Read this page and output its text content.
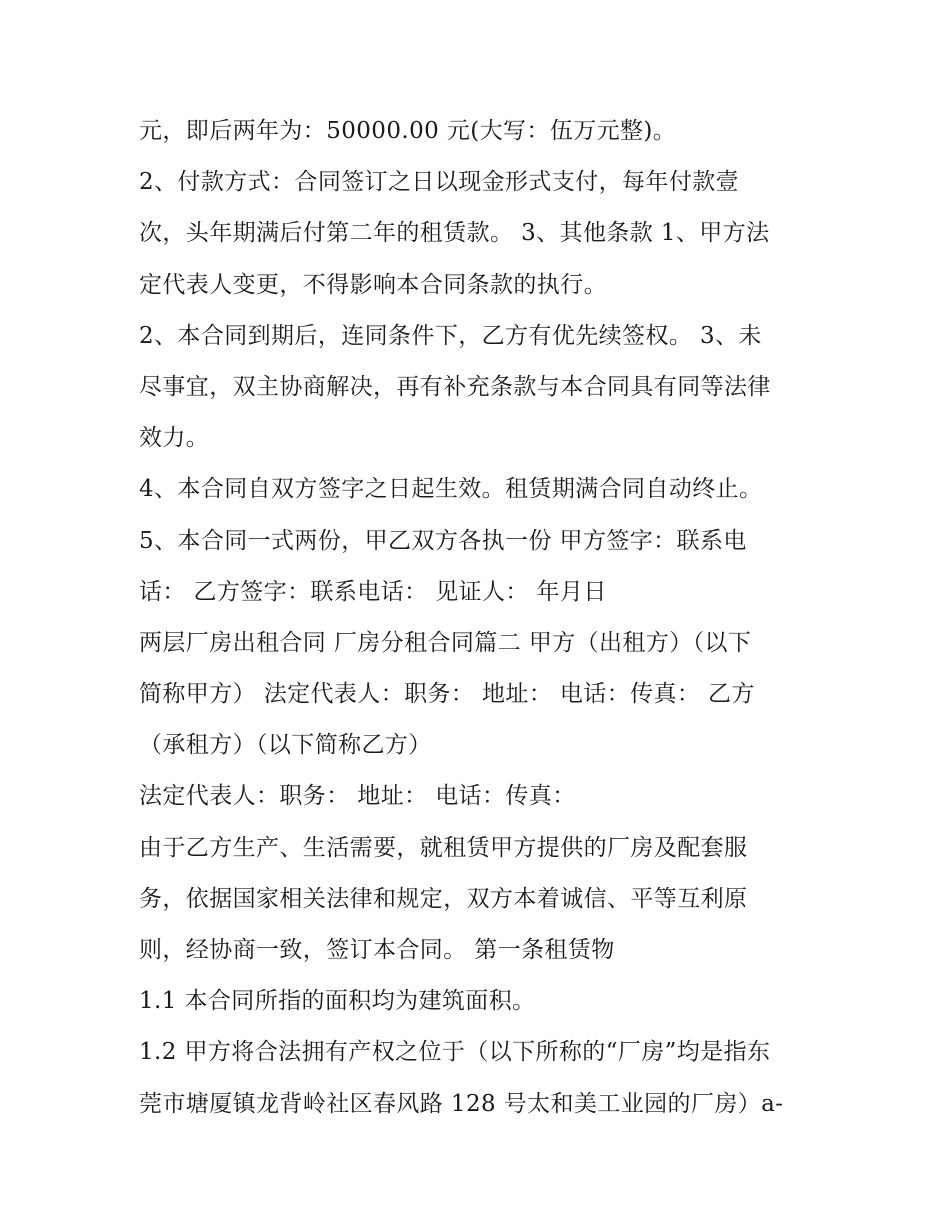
元，即后两年为：50000.00 元(大写：伍万元整)。
2、付款方式：合同签订之日以现金形式支付，每年付款壹
次，头年期满后付第二年的租赁款。 3、其他条款 1、甲方法
定代表人变更，不得影响本合同条款的执行。
2、本合同到期后，连同条件下，乙方有优先续签权。 3、未
尽事宜，双主协商解决，再有补充条款与本合同具有同等法律
效力。
4、本合同自双方签字之日起生效。租赁期满合同自动终止。
5、本合同一式两份，甲乙双方各执一份 甲方签字：联系电
话： 乙方签字：联系电话： 见证人： 年月日
两层厂房出租合同 厂房分租合同篇二 甲方（出租方）（以下
简称甲方） 法定代表人：职务： 地址： 电话：传真： 乙方
（承租方）（以下简称乙方）
法定代表人：职务： 地址： 电话：传真：
由于乙方生产、生活需要，就租赁甲方提供的厂房及配套服
务，依据国家相关法律和规定，双方本着诚信、平等互利原
则，经协商一致，签订本合同。 第一条租赁物
1.1 本合同所指的面积均为建筑面积。
1.2 甲方将合法拥有产权之位于（以下所称的“厂房”均是指东
莞市塘厦镇龙背岭社区春风路 128 号太和美工业园的厂房）a-
